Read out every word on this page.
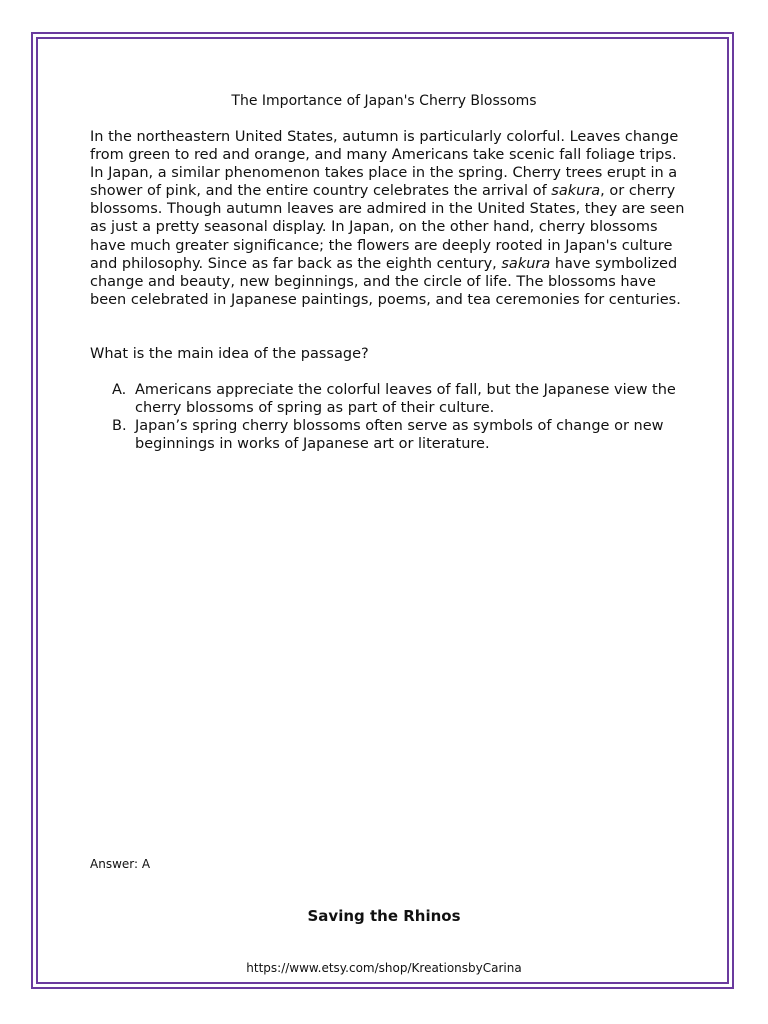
The Importance of Japan's Cherry Blossoms

In the northeastern United States, autumn is particularly colorful. Leaves change from green to red and orange, and many Americans take scenic fall foliage trips. In Japan, a similar phenomenon takes place in the spring. Cherry trees erupt in a shower of pink, and the entire country celebrates the arrival of sakura, or cherry blossoms. Though autumn leaves are admired in the United States, they are seen as just a pretty seasonal display. In Japan, on the other hand, cherry blossoms have much greater significance; the flowers are deeply rooted in Japan's culture and philosophy. Since as far back as the eighth century, sakura have symbolized change and beauty, new beginnings, and the circle of life. The blossoms have been celebrated in Japanese paintings, poems, and tea ceremonies for centuries.

What is the main idea of the passage?
A. Americans appreciate the colorful leaves of fall, but the Japanese view the cherry blossoms of spring as part of their culture.
B. Japan’s spring cherry blossoms often serve as symbols of change or new beginnings in works of Japanese art or literature.
Answer: A
Saving the Rhinos
https://www.etsy.com/shop/KreationsbyCarina
